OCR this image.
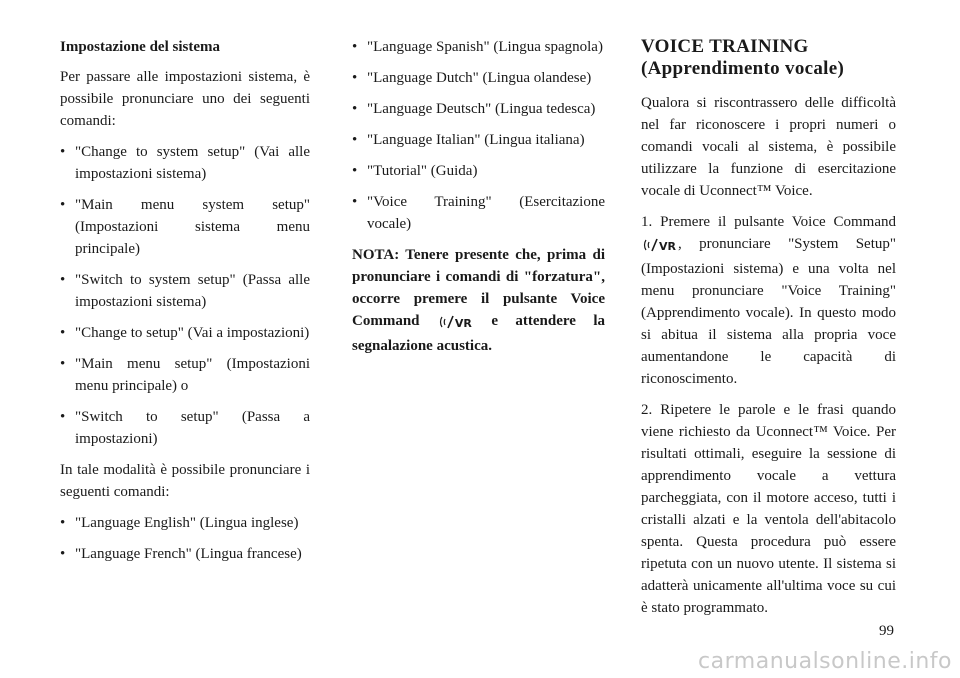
Impostazione del sistema

Per passare alle impostazioni sistema, è possibile pronunciare uno dei seguenti comandi:

• "Change to system setup" (Vai alle impostazioni sistema)
• "Main menu system setup" (Impostazioni sistema menu principale)
• "Switch to system setup" (Passa alle impostazioni sistema)
• "Change to setup" (Vai a impostazioni)
• "Main menu setup" (Impostazioni menu principale) o
• "Switch to setup" (Passa a impostazioni)

In tale modalità è possibile pronunciare i seguenti comandi:

• "Language English" (Lingua inglese)
• "Language French" (Lingua francese)
• "Language Spanish" (Lingua spagnola)
• "Language Dutch" (Lingua olandese)
• "Language Deutsch" (Lingua tedesca)
• "Language Italian" (Lingua italiana)
• "Tutorial" (Guida)
• "Voice Training" (Esercitazione vocale)

NOTA: Tenere presente che, prima di pronunciare i comandi di "forzatura", occorre premere il pulsante Voice Command	VR e attendere la segnalazione acustica.

VOICE TRAINING
(Apprendimento vocale)

Qualora si riscontrassero delle difficoltà nel far riconoscere i propri numeri o comandi vocali al sistema, è possibile utilizzare la funzione di esercitazione vocale di Uconnect™ Voice.

1. Premere il pulsante Voice Command VR , pronunciare "System Setup" (Impostazioni sistema) e una volta nel menu pronunciare "Voice Training" (Apprendimento vocale). In questo modo si abitua il sistema alla propria voce aumentandone le capacità di riconoscimento.

2. Ripetere le parole e le frasi quando viene richiesto da Uconnect™ Voice. Per risultati ottimali, eseguire la sessione di apprendimento vocale a vettura parcheggiata, con il motore acceso, tutti i cristalli alzati e la ventola dell'abitacolo spenta. Questa procedura può essere ripetuta con un nuovo utente. Il sistema si adatterà unicamente all'ultima voce su cui è stato programmato.

99
carmanualsonline.info
